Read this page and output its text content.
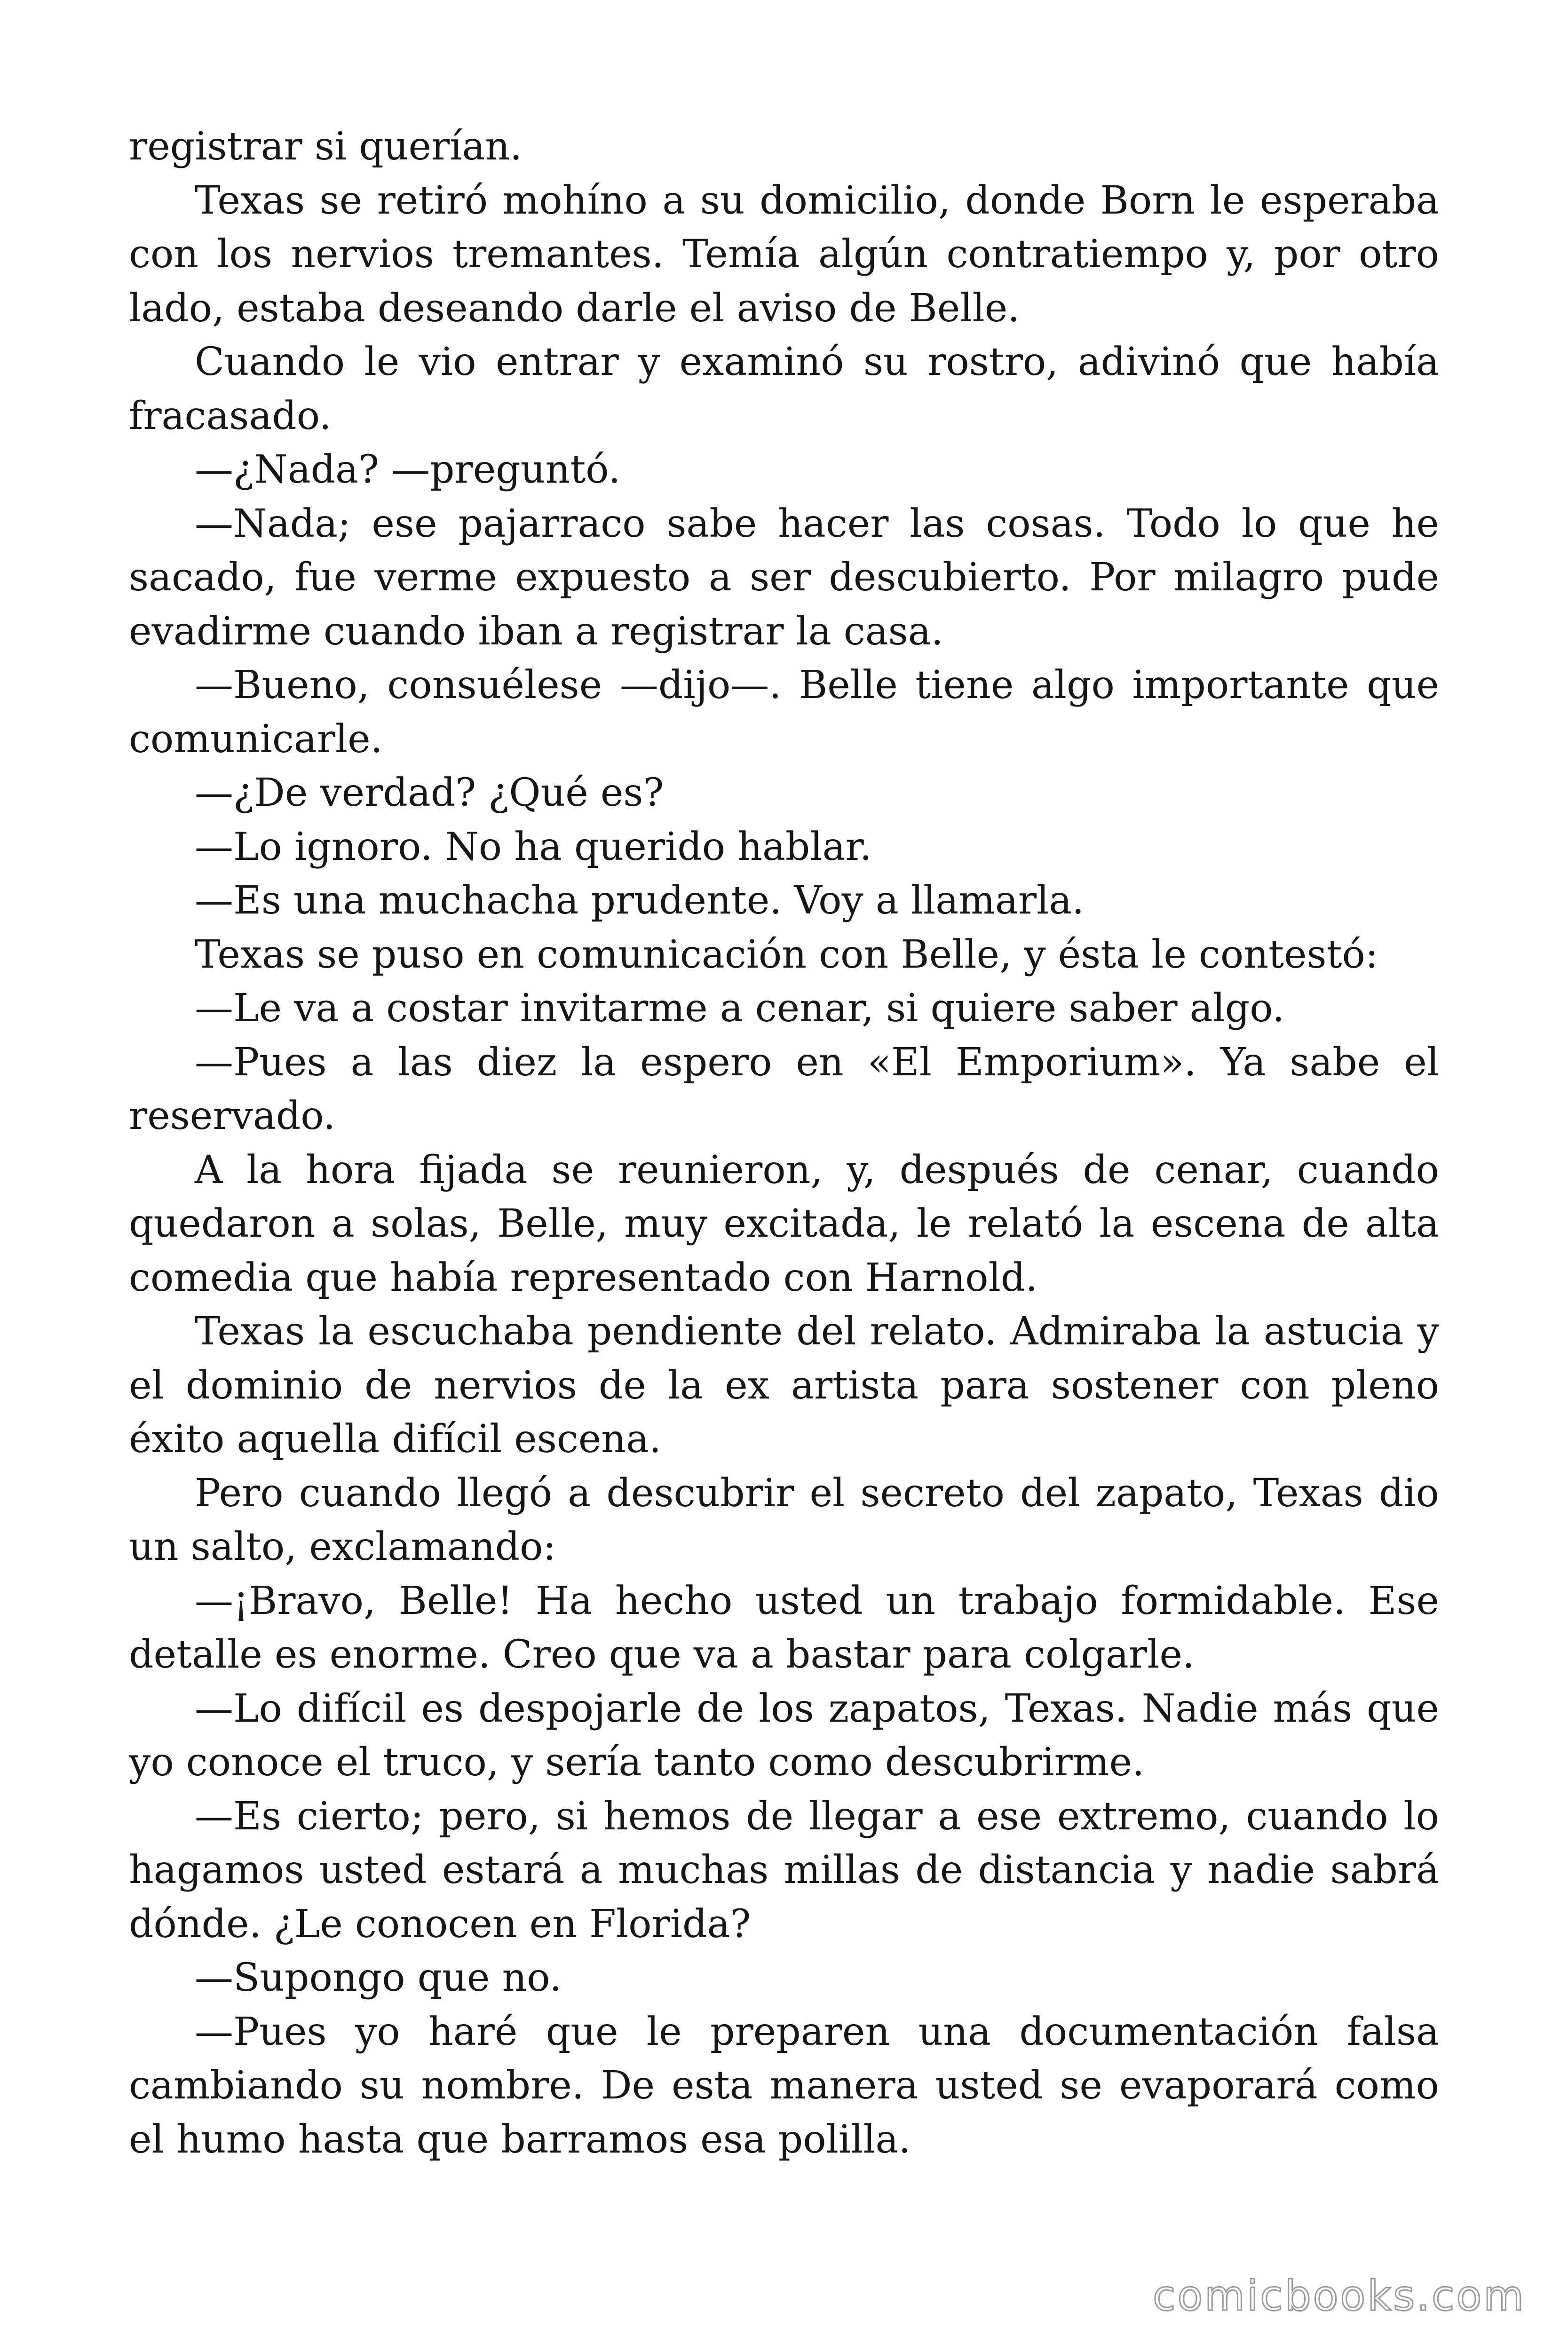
registrar si querían.

Texas se retiró mohíno a su domicilio, donde Born le esperaba con los nervios tremantes. Temía algún contratiempo y, por otro lado, estaba deseando darle el aviso de Belle.

Cuando le vio entrar y examinó su rostro, adivinó que había fracasado.

—¿Nada? —preguntó.

—Nada; ese pajarraco sabe hacer las cosas. Todo lo que he sacado, fue verme expuesto a ser descubierto. Por milagro pude evadirme cuando iban a registrar la casa.

—Bueno, consuélese —dijo—. Belle tiene algo importante que comunicarle.

—¿De verdad? ¿Qué es?

—Lo ignoro. No ha querido hablar.

—Es una muchacha prudente. Voy a llamarla.

Texas se puso en comunicación con Belle, y ésta le contestó:

—Le va a costar invitarme a cenar, si quiere saber algo.

—Pues a las diez la espero en «El Emporium». Ya sabe el reservado.

A la hora fijada se reunieron, y, después de cenar, cuando quedaron a solas, Belle, muy excitada, le relató la escena de alta comedia que había representado con Harnold.

Texas la escuchaba pendiente del relato. Admiraba la astucia y el dominio de nervios de la ex artista para sostener con pleno éxito aquella difícil escena.

Pero cuando llegó a descubrir el secreto del zapato, Texas dio un salto, exclamando:

—¡Bravo, Belle! Ha hecho usted un trabajo formidable. Ese detalle es enorme. Creo que va a bastar para colgarle.

—Lo difícil es despojarle de los zapatos, Texas. Nadie más que yo conoce el truco, y sería tanto como descubrirme.

—Es cierto; pero, si hemos de llegar a ese extremo, cuando lo hagamos usted estará a muchas millas de distancia y nadie sabrá dónde. ¿Le conocen en Florida?

—Supongo que no.

—Pues yo haré que le preparen una documentación falsa cambiando su nombre. De esta manera usted se evaporará como el humo hasta que barramos esa polilla.

comicbooks.com
